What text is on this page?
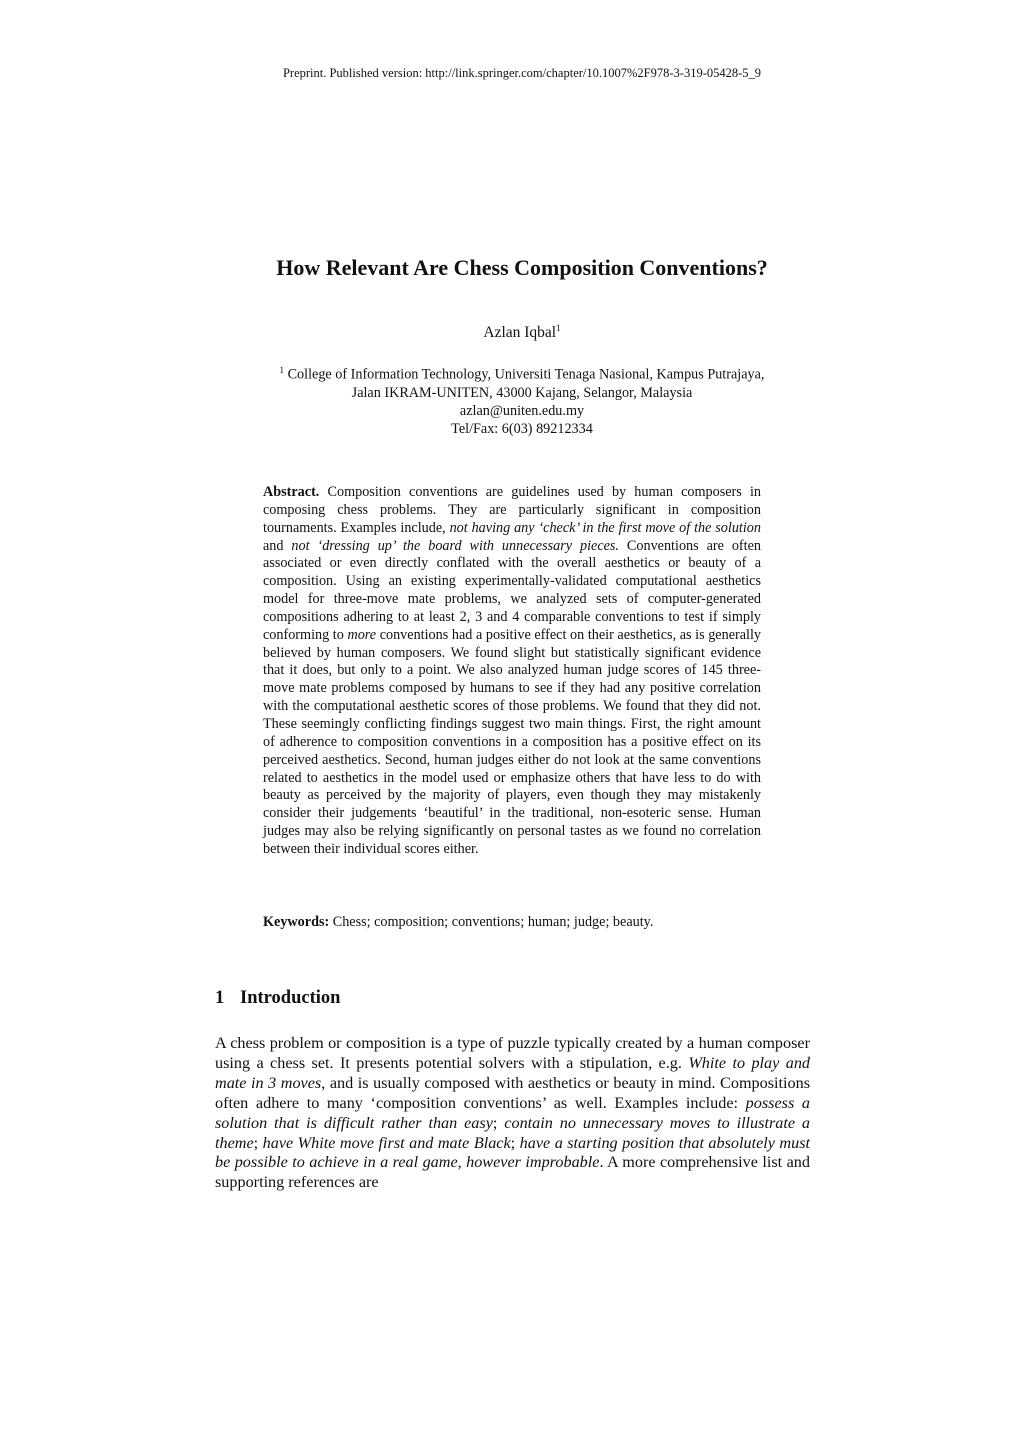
Preprint. Published version: http://link.springer.com/chapter/10.1007%2F978-3-319-05428-5_9
How Relevant Are Chess Composition Conventions?
Azlan Iqbal$^1$
$^1$ College of Information Technology, Universiti Tenaga Nasional, Kampus Putrajaya,
Jalan IKRAM-UNITEN, 43000 Kajang, Selangor, Malaysia
azlan@uniten.edu.my
Tel/Fax: 6(03) 89212334

Abstract. Composition conventions are guidelines used by human composers in composing chess problems. They are particularly significant in composition tournaments. Examples include, not having any ‘check’ in the first move of the solution and not ‘dressing up’ the board with unnecessary pieces. Conventions are often associated or even directly conflated with the overall aesthetics or beauty of a composition. Using an existing experimentally-validated computational aesthetics model for three-move mate problems, we analyzed sets of computer-generated compositions adhering to at least 2, 3 and 4 comparable conventions to test if simply conforming to more conventions had a positive effect on their aesthetics, as is generally believed by human composers. We found slight but statistically significant evidence that it does, but only to a point. We also analyzed human judge scores of 145 three-move mate problems composed by humans to see if they had any positive correlation with the computational aesthetic scores of those problems. We found that they did not. These seemingly conflicting findings suggest two main things. First, the right amount of adherence to composition conventions in a composition has a positive effect on its perceived aesthetics. Second, human judges either do not look at the same conventions related to aesthetics in the model used or emphasize others that have less to do with beauty as perceived by the majority of players, even though they may mistakenly consider their judgements ‘beautiful’ in the traditional, non-esoteric sense. Human judges may also be relying significantly on personal tastes as we found no correlation between their individual scores either.

Keywords: Chess; composition; conventions; human; judge; beauty.

1 Introduction

A chess problem or composition is a type of puzzle typically created by a human composer using a chess set. It presents potential solvers with a stipulation, e.g. White to play and mate in 3 moves, and is usually composed with aesthetics or beauty in mind. Compositions often adhere to many ‘composition conventions’ as well. Examples include: possess a solution that is difficult rather than easy; contain no unnecessary moves to illustrate a theme; have White move first and mate Black; have a starting position that absolutely must be possible to achieve in a real game, however improbable. A more comprehensive list and supporting references are
